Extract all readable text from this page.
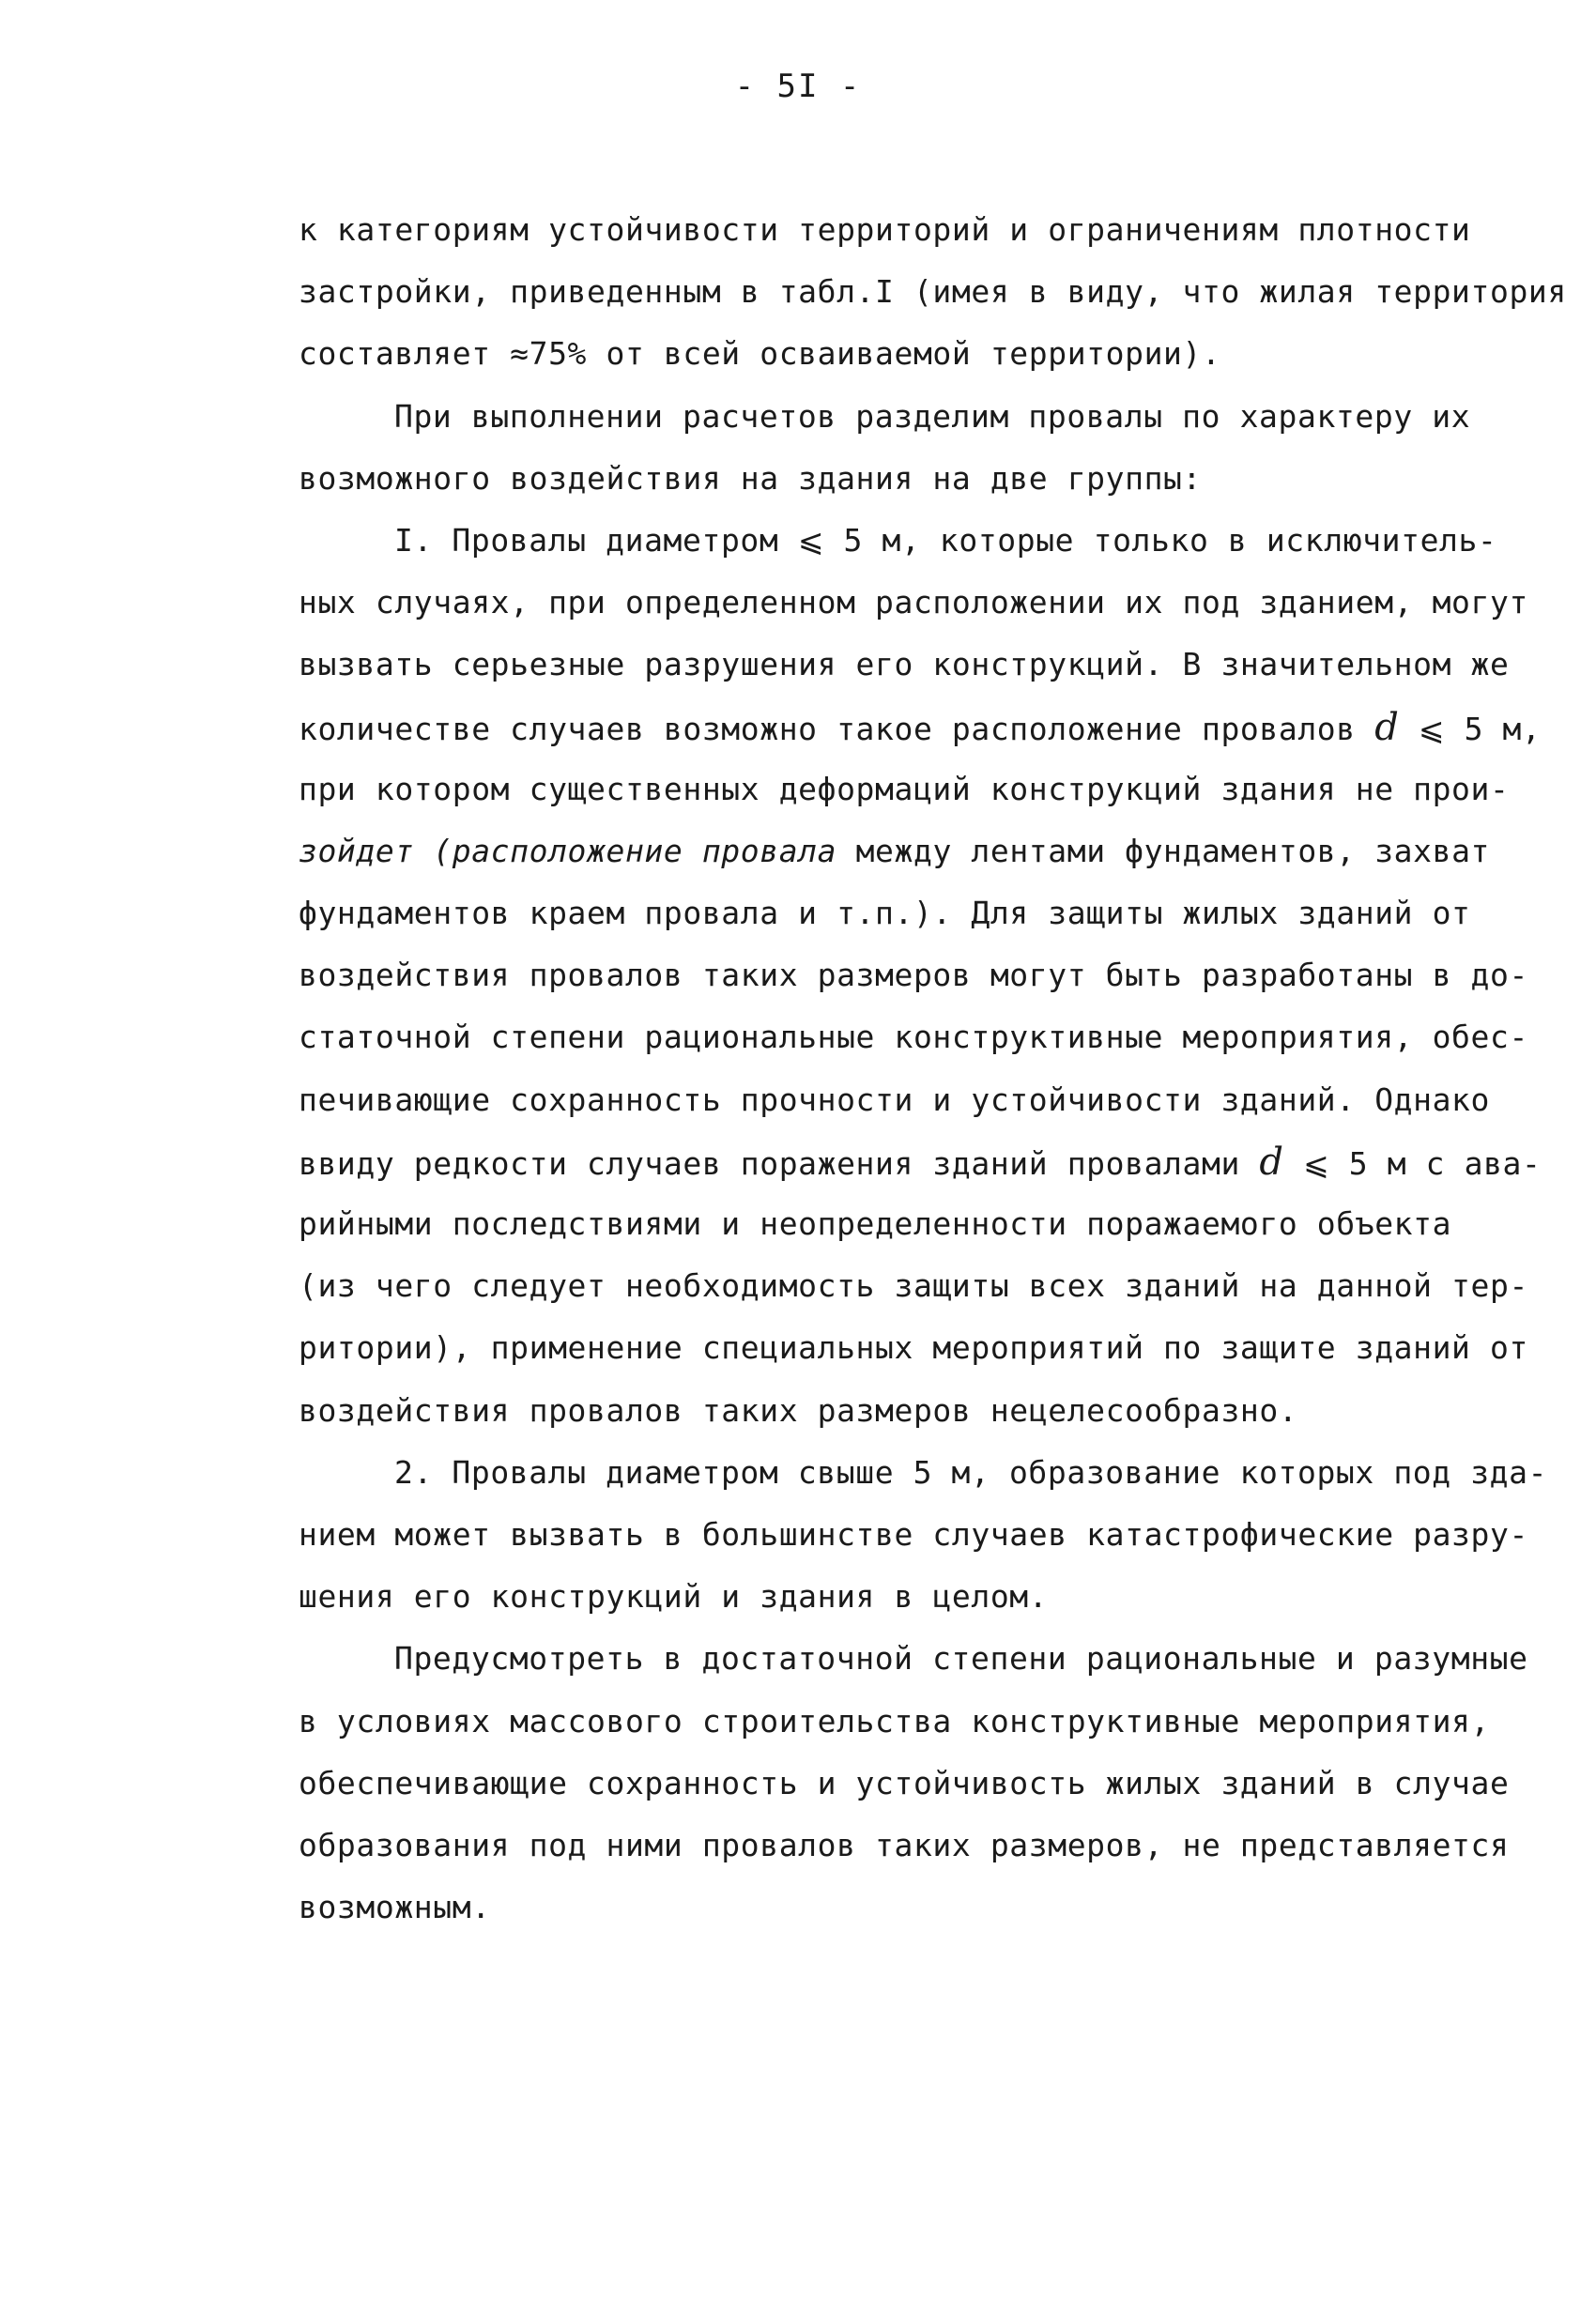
- 5I -
к категориям устойчивости территорий и ограничениям плотности
застройки, приведенным в табл.I (имея в виду, что жилая территория
составляет ≈75% от всей осваиваемой территории).
При выполнении расчетов разделим провалы по характеру их
возможного воздействия на здания на две группы:
I. Провалы диаметром ⩽ 5 м, которые только в исключитель-
ных случаях, при определенном расположении их под зданием, могут
вызвать серьезные разрушения его конструкций. В значительном же
количестве случаев возможно такое расположение провалов d ⩽ 5 м,
при котором существенных деформаций конструкций здания не прои-
зойдет (расположение провала между лентами фундаментов, захват
фундаментов краем провала и т.п.). Для защиты жилых зданий от
воздействия провалов таких размеров могут быть разработаны в до-
статочной степени рациональные конструктивные мероприятия, обес-
печивающие сохранность прочности и устойчивости зданий. Однако
ввиду редкости случаев поражения зданий провалами d ⩽ 5 м с ава-
рийными последствиями и неопределенности поражаемого объекта
(из чего следует необходимость защиты всех зданий на данной тер-
ритории), применение специальных мероприятий по защите зданий от
воздействия провалов таких размеров нецелесообразно.
2. Провалы диаметром свыше 5 м, образование которых под зда-
нием может вызвать в большинстве случаев катастрофические разру-
шения его конструкций и здания в целом.
Предусмотреть в достаточной степени рациональные и разумные
в условиях массового строительства конструктивные мероприятия,
обеспечивающие сохранность и устойчивость жилых зданий в случае
образования под ними провалов таких размеров, не представляется
возможным.
